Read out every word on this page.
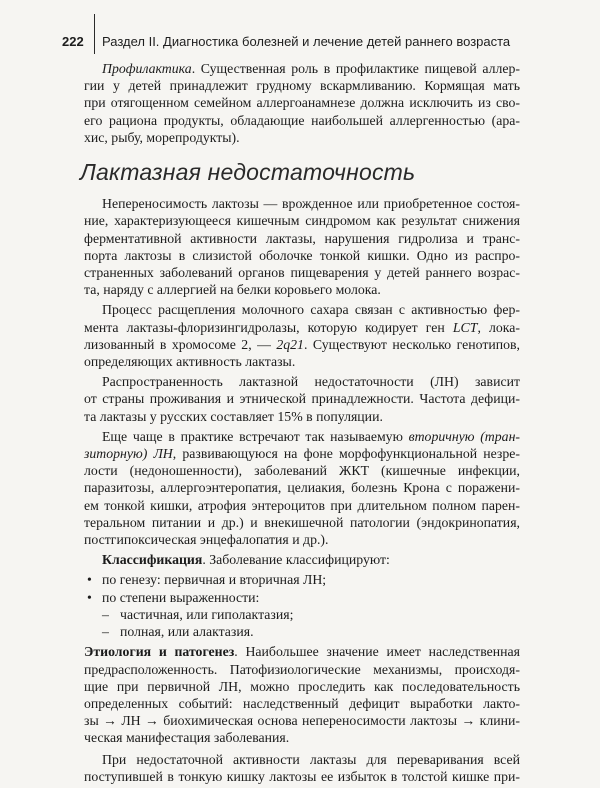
222 Раздел II. Диагностика болезней и лечение детей раннего возраста

Профилактика. Существенная роль в профилактике пищевой аллер-
гии у детей принадлежит грудному вскармливанию. Кормящая мать
при отягощенном семейном аллергоанамнезе должна исключить из сво-
его рациона продукты, обладающие наибольшей аллергенностью (ара-
хис, рыбу, морепродукты).

Лактазная недостаточность

Непереносимость лактозы — врожденное или приобретенное состоя-
ние, характеризующееся кишечным синдромом как результат снижения
ферментативной активности лактазы, нарушения гидролиза и транс-
порта лактозы в слизистой оболочке тонкой кишки. Одно из распро-
страненных заболеваний органов пищеварения у детей раннего возрас-
та, наряду с аллергией на белки коровьего молока.

Процесс расщепления молочного сахара связан с активностью фер-
мента лактазы-флоризингидролазы, которую кодирует ген LCT, лока-
лизованный в хромосоме 2, — 2q21. Существуют несколько генотипов,
определяющих активность лактазы.

Распространенность лактазной недостаточности (ЛН) зависит
от страны проживания и этнической принадлежности. Частота дефици-
та лактазы у русских составляет 15% в популяции.

Еще чаще в практике встречают так называемую вторичную (тран-
зиторную) ЛН, развивающуюся на фоне морфофункциональной незре-
лости (недоношенности), заболеваний ЖКТ (кишечные инфекции,
паразитозы, аллергоэнтеропатия, целиакия, болезнь Крона с поражени-
ем тонкой кишки, атрофия энтероцитов при длительном полном парен-
теральном питании и др.) и внекишечной патологии (эндокринопатия,
постгипоксическая энцефалопатия и др.).

Классификация. Заболевание классифицируют:

• по генезу: первичная и вторичная ЛН;
• по степени выраженности:
– частичная, или гиполактазия;
– полная, или алактазия.

Этиология и патогенез. Наибольшее значение имеет наследственная
предрасположенность. Патофизиологические механизмы, происходя-
щие при первичной ЛН, можно проследить как последовательность
определенных событий: наследственный дефицит выработки лакто-
зы → ЛН → биохимическая основа непереносимости лактозы → клини-
ческая манифестация заболевания.

При недостаточной активности лактазы для переваривания всей
поступившей в тонкую кишку лактозы ее избыток в толстой кишке при-
